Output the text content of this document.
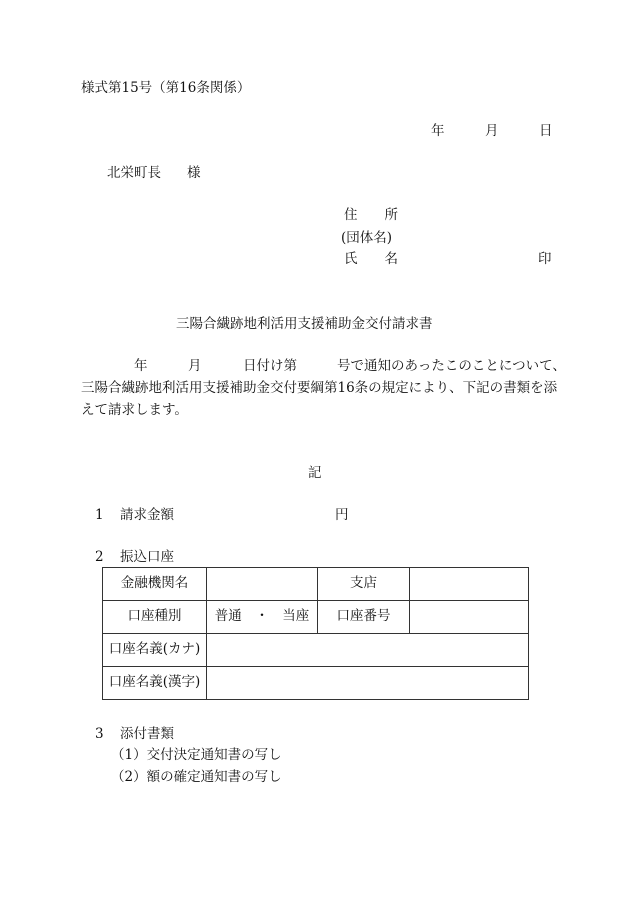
様式第15号（第16条関係）
年	月	日
北栄町長 様
住　　所
(団体名)
氏　　名	印
三陽合繊跡地利活用支援補助金交付請求書
年	月	日付け第	号で通知のあったこのことについて、
三陽合繊跡地利活用支援補助金交付要綱第16条の規定により、下記の書類を添
えて請求します。
記
1 請求金額	円
2 振込口座
金融機関名		支店	
口座種別	普通　・　当座	口座番号	
口座名義(カナ)			
口座名義(漢字)			
3 添付書類
（1）交付決定通知書の写し
（2）額の確定通知書の写し
